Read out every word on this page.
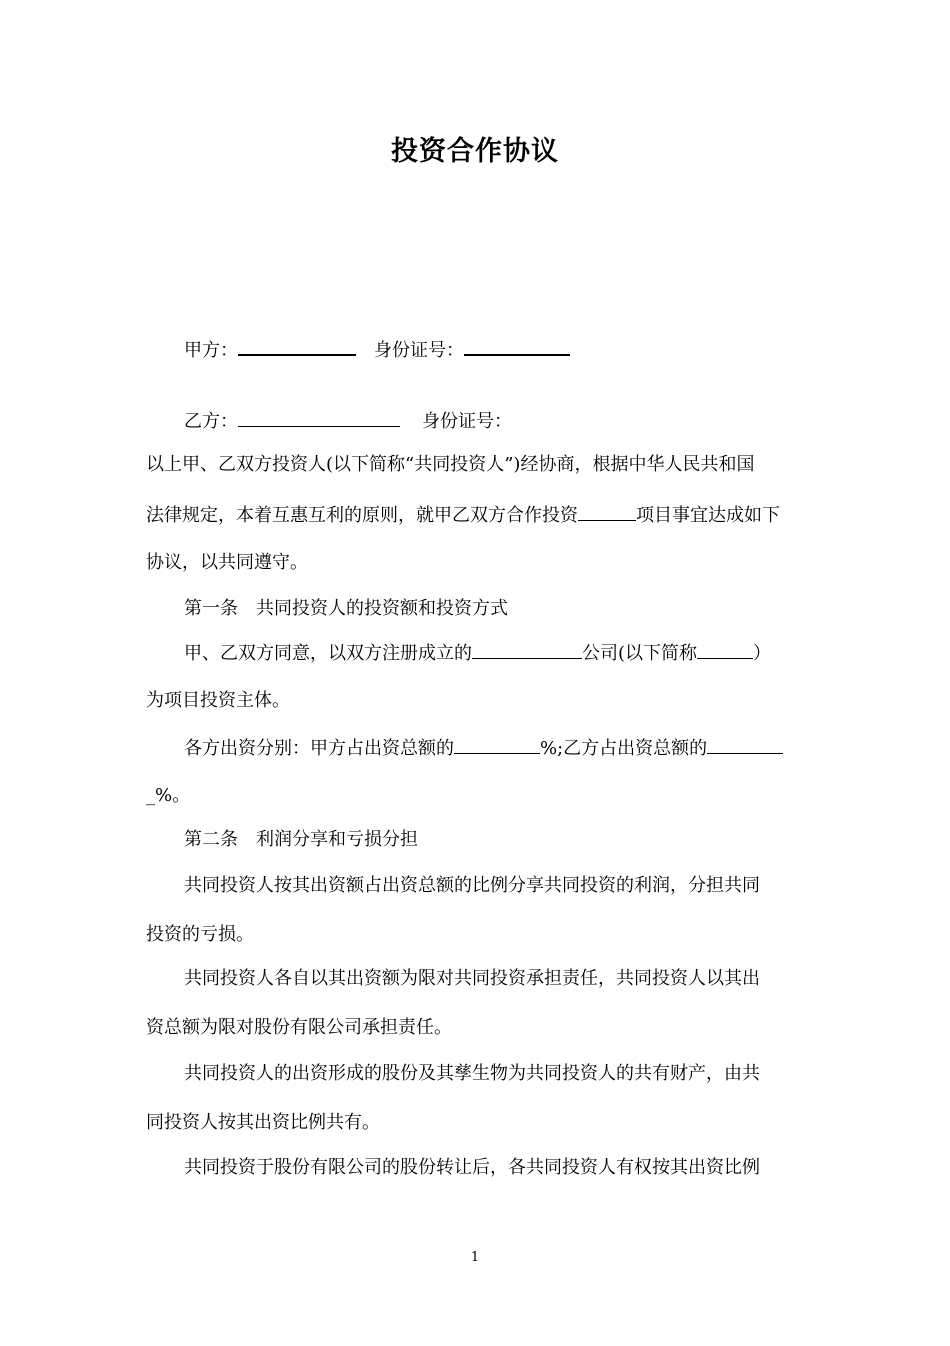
投资合作协议
甲方：	身份证号：
乙方：	身份证号：
以上甲、乙双方投资人(以下简称“共同投资人”)经协商，根据中华人民共和国
法律规定，本着互惠互利的原则，就甲乙双方合作投资	项目事宜达成如下
协议，以共同遵守。
第一条　共同投资人的投资额和投资方式
甲、乙双方同意，以双方注册成立的	公司(以下简称	）
为项目投资主体。
各方出资分别：甲方占出资总额的	%;乙方占出资总额的
_%。
第二条　利润分享和亏损分担
共同投资人按其出资额占出资总额的比例分享共同投资的利润，分担共同
投资的亏损。
共同投资人各自以其出资额为限对共同投资承担责任，共同投资人以其出
资总额为限对股份有限公司承担责任。
共同投资人的出资形成的股份及其孳生物为共同投资人的共有财产，由共
同投资人按其出资比例共有。
共同投资于股份有限公司的股份转让后，各共同投资人有权按其出资比例
1
